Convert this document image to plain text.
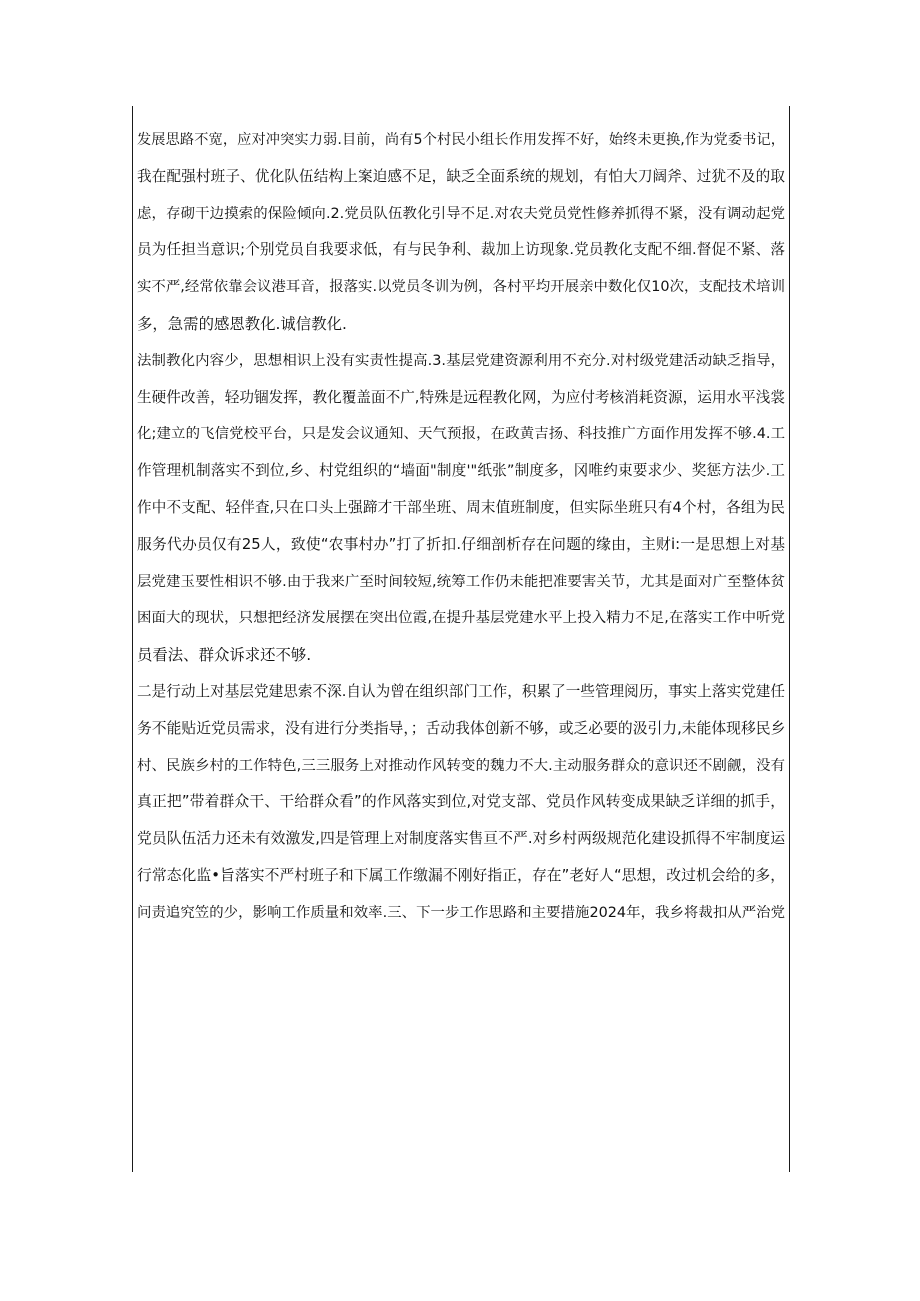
发展思路不宽，应对冲突实力弱.目前，尚有5个村民小组长作用发挥不好，始终未更换,作为党委书记，
我在配强村班子、优化队伍结构上案迫感不足，缺乏全面系统的规划，有怕大刀阔斧、过犹不及的取
虑，存砌干边摸索的保险倾向.2.党员队伍教化引导不足.对农夫党员党性修养抓得不紧，没有调动起党
员为任担当意识;个别党员自我要求低，有与民争利、裁加上访现象.党员教化支配不细.督促不紧、落
实不严,经常依靠会议港耳音，报落实.以党员冬训为例，各村平均开展亲中数化仅10次，支配技术培训
多，急需的感恩教化.诚信教化.
法制教化内容少，思想相识上没有实责性提高.3.基层党建资源利用不充分.对村级党建活动缺乏指导，
生硬件改善，轻功锢发挥，教化覆盖面不广,特殊是远程教化网，为应付考核消耗资源，运用水平浅裳
化;建立的飞信党校平台，只是发会议通知、天气预报，在政黄吉扬、科技推广方面作用发挥不够.4.工
作管理机制落实不到位,乡、村党组织的“墙面"制度'"纸张”制度多，冈唯约束要求少、奖惩方法少.工
作中不支配、轻伴査,只在口头上强蹄才干部坐班、周末值班制度，但实际坐班只有4个村，各组为民
服务代办员仅有25人，致使“农事村办”打了折扣.仔细剖析存在问题的缘由，主财i:一是思想上对基
层党建玉要性相识不够.由于我来广至时间较短,统筹工作仍未能把准要害关节，尤其是面对广至整体贫
困面大的现状，只想把经济发展摆在突出位霞,在提升基层党建水平上投入精力不足,在落实工作中听党
员看法、群众诉求还不够.
二是行动上对基层党建思索不深.自认为曾在组织部门工作，积累了一些管理阅历，事实上落实党建任
务不能贴近党员需求，没有进行分类指导，；舌动我体创新不够，或乏必要的汲引力,未能体现移民乡
村、民族乡村的工作特色,三三服务上对推动作风转变的魏力不大.主动服务群众的意识还不剧觎，没有
真正把”带着群众干、干给群众看”的作风落实到位,对党支部、党员作风转变成果缺乏详细的抓手，
党员队伍活力还未有效激发,四是管理上对制度落实售亘不严.对乡村两级规范化建设抓得不牢制度运
行常态化监•旨落实不严村班子和下属工作缴漏不刚好指正，存在”老好人“思想，改过机会给的多，
问责追究笠的少，影响工作质量和效率.三、下一步工作思路和主要措施2024年，我乡将裁扣从严治党
